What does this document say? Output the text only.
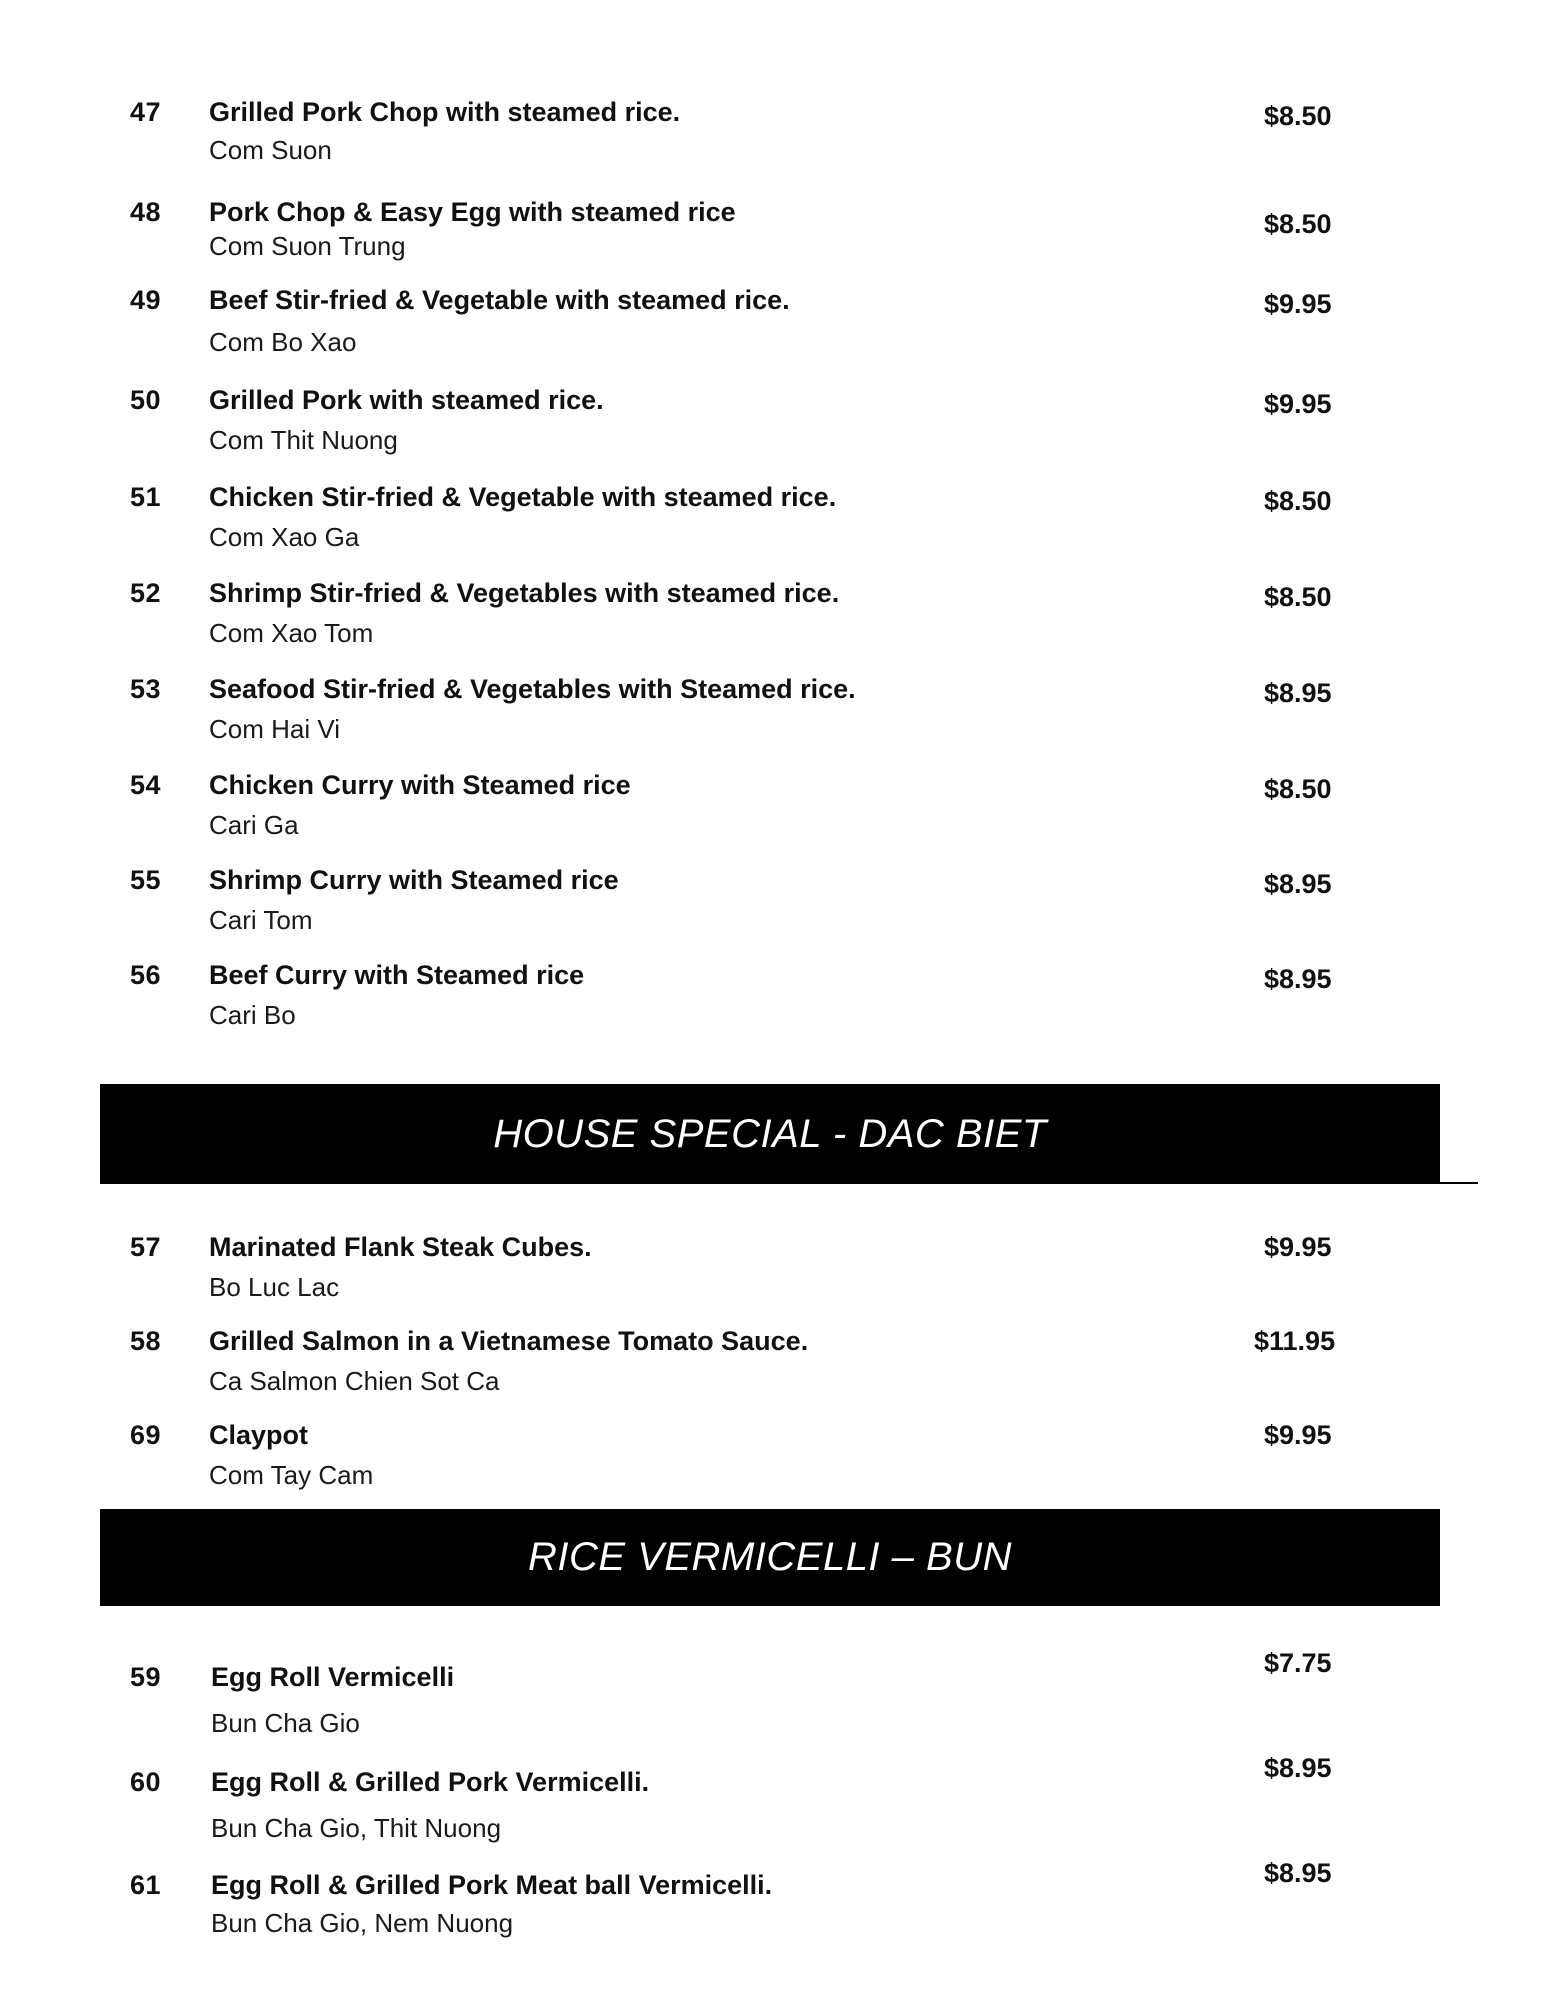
47 Grilled Pork Chop with steamed rice.
Com Suon
$8.50
48 Pork Chop & Easy Egg with steamed rice
Com Suon Trung
$8.50
49 Beef Stir-fried & Vegetable with steamed rice.
Com Bo Xao
$9.95
50 Grilled Pork with steamed rice.
Com Thit Nuong
$9.95
51 Chicken Stir-fried & Vegetable with steamed rice.
Com Xao Ga
$8.50
52 Shrimp Stir-fried & Vegetables with steamed rice.
Com Xao Tom
$8.50
53 Seafood Stir-fried & Vegetables with Steamed rice.
Com Hai Vi
$8.95
54 Chicken Curry with Steamed rice
Cari Ga
$8.50
55 Shrimp Curry with Steamed rice
Cari Tom
$8.95
56 Beef Curry with Steamed rice
Cari Bo
$8.95
HOUSE SPECIAL - DAC BIET
57 Marinated Flank Steak Cubes.
Bo Luc Lac
$9.95
58 Grilled Salmon in a Vietnamese Tomato Sauce.
Ca Salmon Chien Sot Ca
$11.95
69 Claypot
Com Tay Cam
$9.95
RICE VERMICELLI – BUN
59 Egg Roll Vermicelli
Bun Cha Gio
$7.75
60 Egg Roll & Grilled Pork Vermicelli.
Bun Cha Gio, Thit Nuong
$8.95
61 Egg Roll & Grilled Pork Meat ball Vermicelli.
Bun Cha Gio, Nem Nuong
$8.95
